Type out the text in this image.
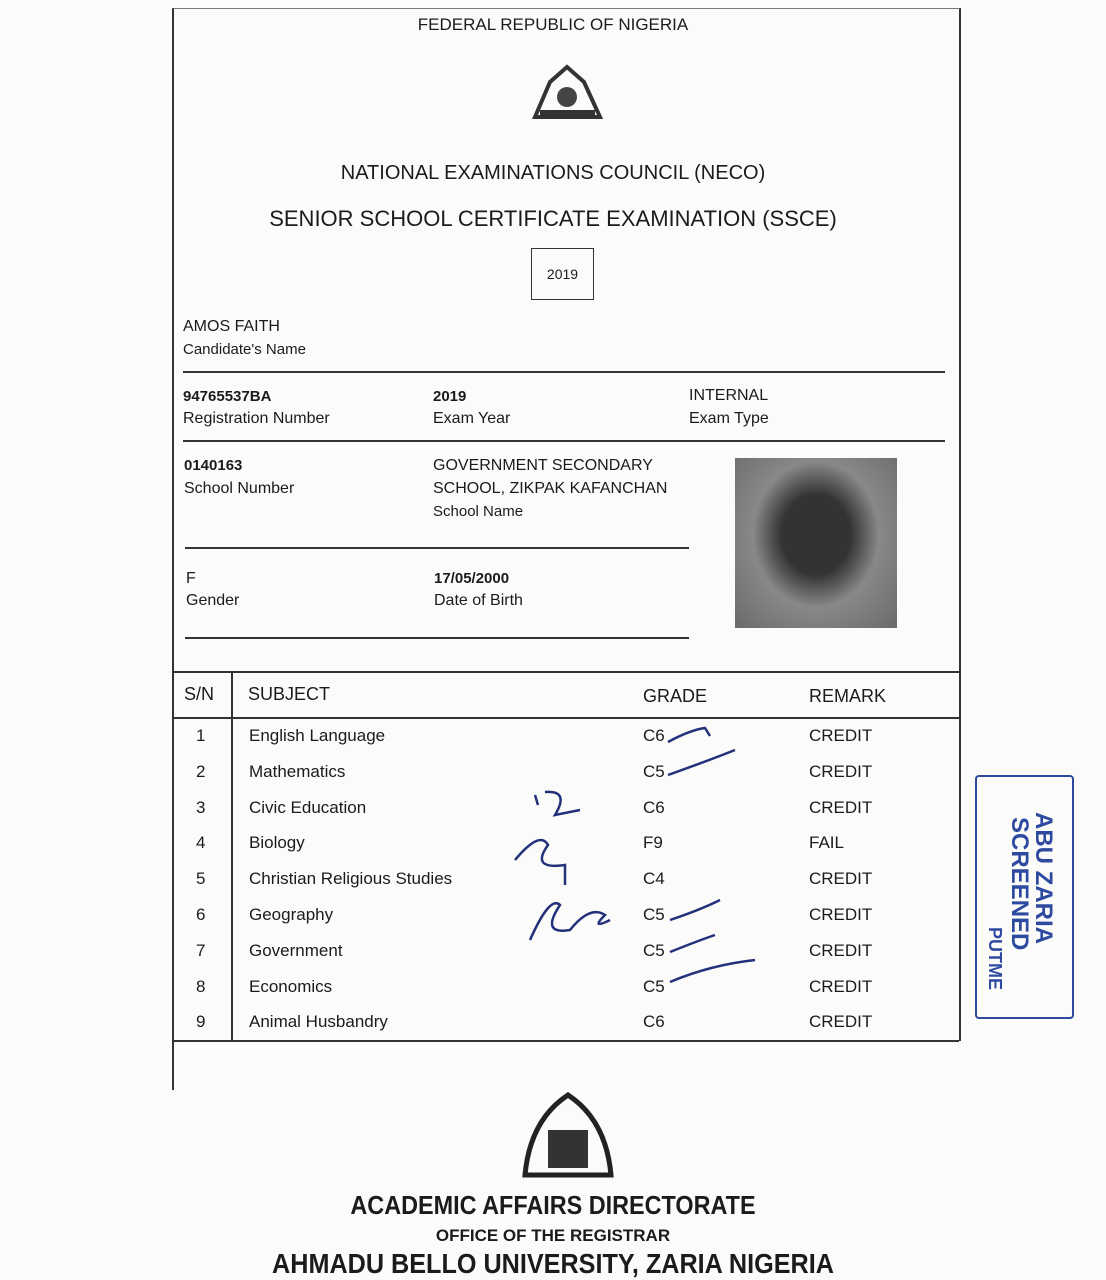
FEDERAL REPUBLIC OF NIGERIA
NATIONAL EXAMINATIONS COUNCIL (NECO)
SENIOR SCHOOL CERTIFICATE EXAMINATION (SSCE)
2019
AMOS FAITH
Candidate's Name
94765537BA
Registration Number
2019
Exam Year
INTERNAL
Exam Type
0140163
School Number
GOVERNMENT SECONDARY
SCHOOL, ZIKPAK KAFANCHAN
School Name
F
Gender
17/05/2000
Date of Birth
S/N SUBJECT	GRADE	REMARK
1	English Language	C6	CREDIT
2	Mathematics	C5	CREDIT
3	Civic Education	C6	CREDIT
4	Biology	F9	FAIL
5	Christian Religious Studies	C4	CREDIT
6	Geography	C5	CREDIT
7	Government	C5	CREDIT
8	Economics	C5	CREDIT
9	Animal Husbandry	C6	CREDIT
ABU ZARIA
SCREENED
PUTME
ACADEMIC AFFAIRS DIRECTORATE
OFFICE OF THE REGISTRAR
AHMADU BELLO UNIVERSITY, ZARIA NIGERIA
